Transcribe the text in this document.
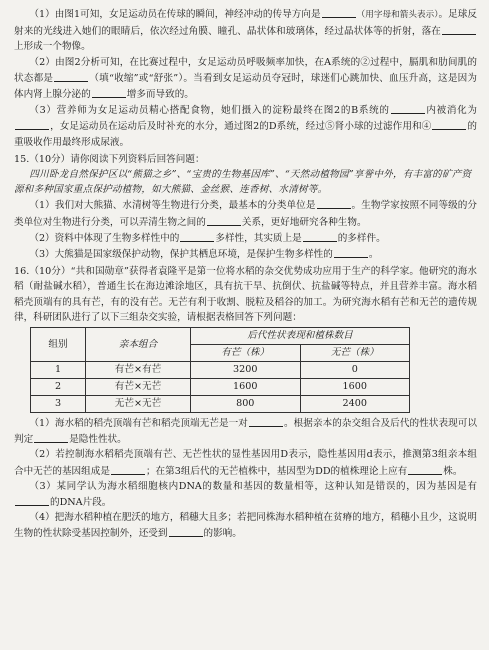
（1）由图1可知，女足运动员在传球的瞬间，神经冲动的传导方向是	（用字母和箭头表示）。足球反射来的光线进入她们的眼睛后，依次经过角膜、瞳孔、晶状体和玻璃体，经过晶状体等的折射，落在上形成一个物像。

（2）由图2分析可知，在比赛过程中，女足运动员呼吸频率加快，在A系统的②过程中，膈肌和肋间肌的状态都是	（填“收缩”或“舒张”）。当看到女足运动员夺冠时，球迷们心跳加快、血压升高，这是因为体内肾上腺分泌的	增多而导致的。

（3）营养师为女足运动员精心搭配食物，她们摄入的淀粉最终在图2的B系统的	内被消化为，女足运动员在运动后及时补充的水分，通过图2的D系统，经过⑤肾小球的过滤作用和④	的重吸收作用最终形成尿液。

15.（10分）请你阅读下列资料后回答问题：

四川卧龙自然保护区以“熊猫之乡”、“宝贵的生物基因库”、“天然动植物园”享誉中外，有丰富的矿产资源和多种国家重点保护动植物，如大熊猫、金丝猴、连香树、水清树等。

（1）我们对大熊猫、水清树等生物进行分类，最基本的分类单位是	。生物学家按照不同等级的分类单位对生物进行分类，可以弄清生物之间的	关系，更好地研究各种生物。

（2）资料中体现了生物多样性中的	多样性，其实质上是	的多样件。

（3）大熊猫是国家级保护动物，保护其栖息环境，是保护生物多样性的	。

16.（10分）“共和国勋章”获得者袁隆平是第一位将水稻的杂交优势成功应用于生产的科学家。他研究的海水稻（耐盐碱水稻），普通生长在海边滩涂地区，具有抗干旱、抗倒伏、抗盐碱等特点，并且营养丰富。海水稻稻壳顶端有的具有芒，有的没有芒。无芒有利于收割、脱粒及稻谷的加工。为研究海水稻有芒和无芒的遗传规律，科研团队进行了以下三组杂交实验，请根据表格回答下列问题：

组别	亲本组合	后代性状表现和植株数目	
		有芒（株）	无芒（株）
1	有芒×有芒	3200	0
2	有芒×无芒	1600	1600
3	无芒×无芒	800	2400

（1）海水稻的稻壳顶端有芒和稻壳顶端无芒是一对	。根据亲本的杂交组合及后代的性状表现可以判定	是隐性性状。

（2）若控制海水稻稻壳顶端有芒、无芒性状的显性基因用D表示，隐性基因用d表示，推测第3组亲本组合中无芒的基因组成是	；在第3组后代的无芒植株中，基因型为DD的植株理论上应有	株。

（3）某同学认为海水稻细胞核内DNA的数量和基因的数量相等，这种认知是错误的，因为基因是有的DNA片段。

（4）把海水稻种植在肥沃的地方，稻穗大且多；若把同株海水稻种植在贫瘠的地方，稻穗小且少，这说明生物的性状除受基因控制外，还受到	的影响。
